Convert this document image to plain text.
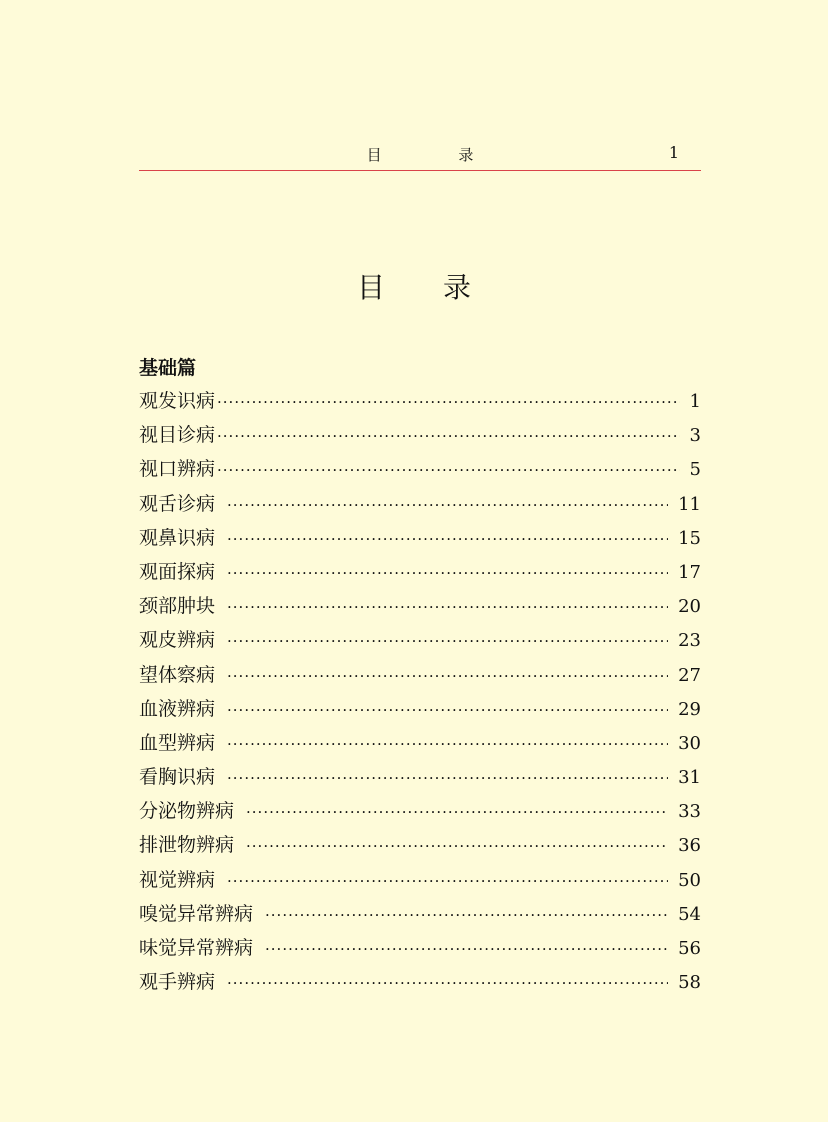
目 录	1
目录
基础篇
观发识病 ·····	1
视目诊病 ·····	3
视口辨病 ·····	5
观舌诊病 ·····	11
观鼻识病 ·····	15
观面探病 ·····	17
颈部肿块 ·····	20
观皮辨病 ·····	23
望体察病 ·····	27
血液辨病 ·····	29
血型辨病 ·····	30
看胸识病 ·····	31
分泌物辨病 ·····	33
排泄物辨病 ·····	36
视觉辨病 ·····	50
嗅觉异常辨病 ·····	54
味觉异常辨病 ·····	56
观手辨病 ·····	58
